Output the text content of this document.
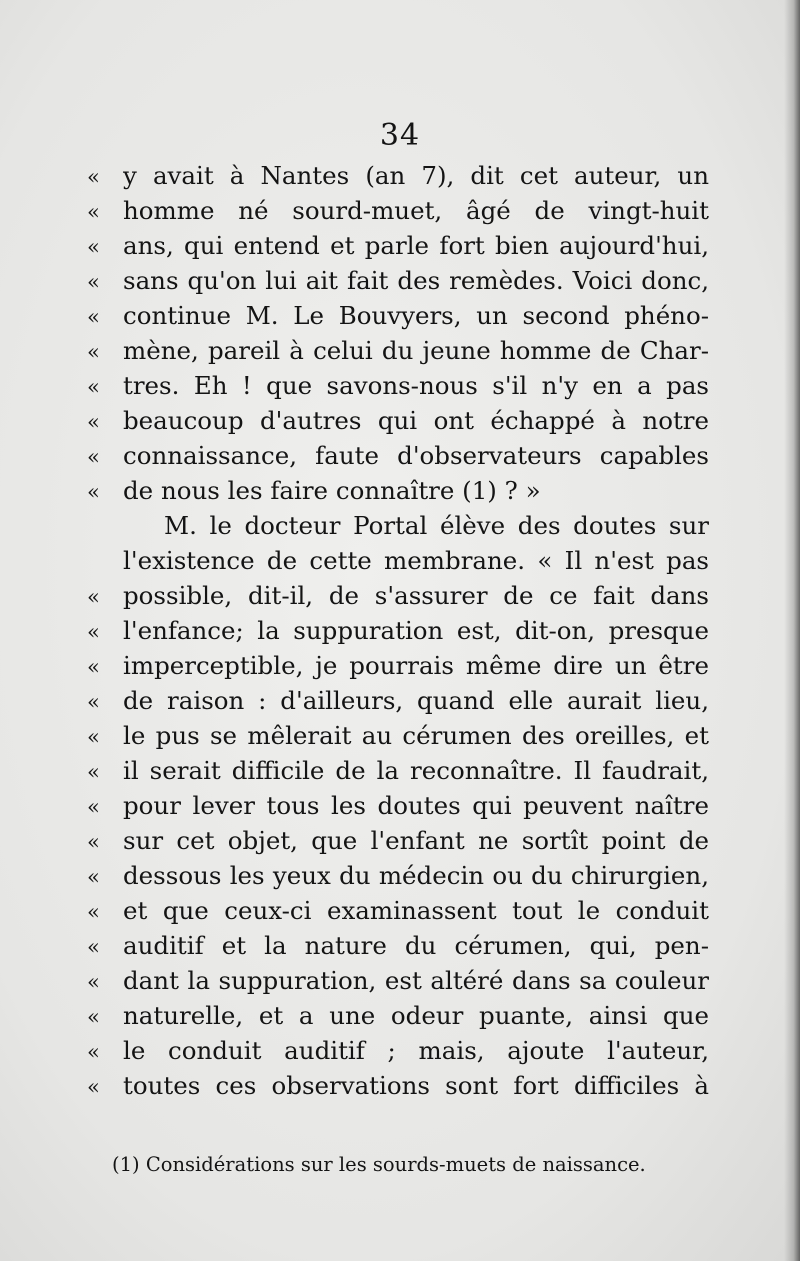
34
« y avait à Nantes (an 7), dit cet auteur, un
« homme né sourd-muet, âgé de vingt-huit
« ans, qui entend et parle fort bien aujourd'hui,
« sans qu'on lui ait fait des remèdes. Voici donc,
« continue M. Le Bouvyers, un second phéno-
« mène, pareil à celui du jeune homme de Char-
« tres. Eh ! que savons-nous s'il n'y en a pas
« beaucoup d'autres qui ont échappé à notre
« connaissance, faute d'observateurs capables
« de nous les faire connaître (1) ? »
M. le docteur Portal élève des doutes sur
l'existence de cette membrane. « Il n'est pas
« possible, dit-il, de s'assurer de ce fait dans
« l'enfance; la suppuration est, dit-on, presque
« imperceptible, je pourrais même dire un être
« de raison : d'ailleurs, quand elle aurait lieu,
« le pus se mêlerait au cérumen des oreilles, et
« il serait difficile de la reconnaître. Il faudrait,
« pour lever tous les doutes qui peuvent naître
« sur cet objet, que l'enfant ne sortît point de
« dessous les yeux du médecin ou du chirurgien,
« et que ceux-ci examinassent tout le conduit
« auditif et la nature du cérumen, qui, pen-
« dant la suppuration, est altéré dans sa couleur
« naturelle, et a une odeur puante, ainsi que
« le conduit auditif ; mais, ajoute l'auteur,
« toutes ces observations sont fort difficiles à
(1) Considérations sur les sourds-muets de naissance.
